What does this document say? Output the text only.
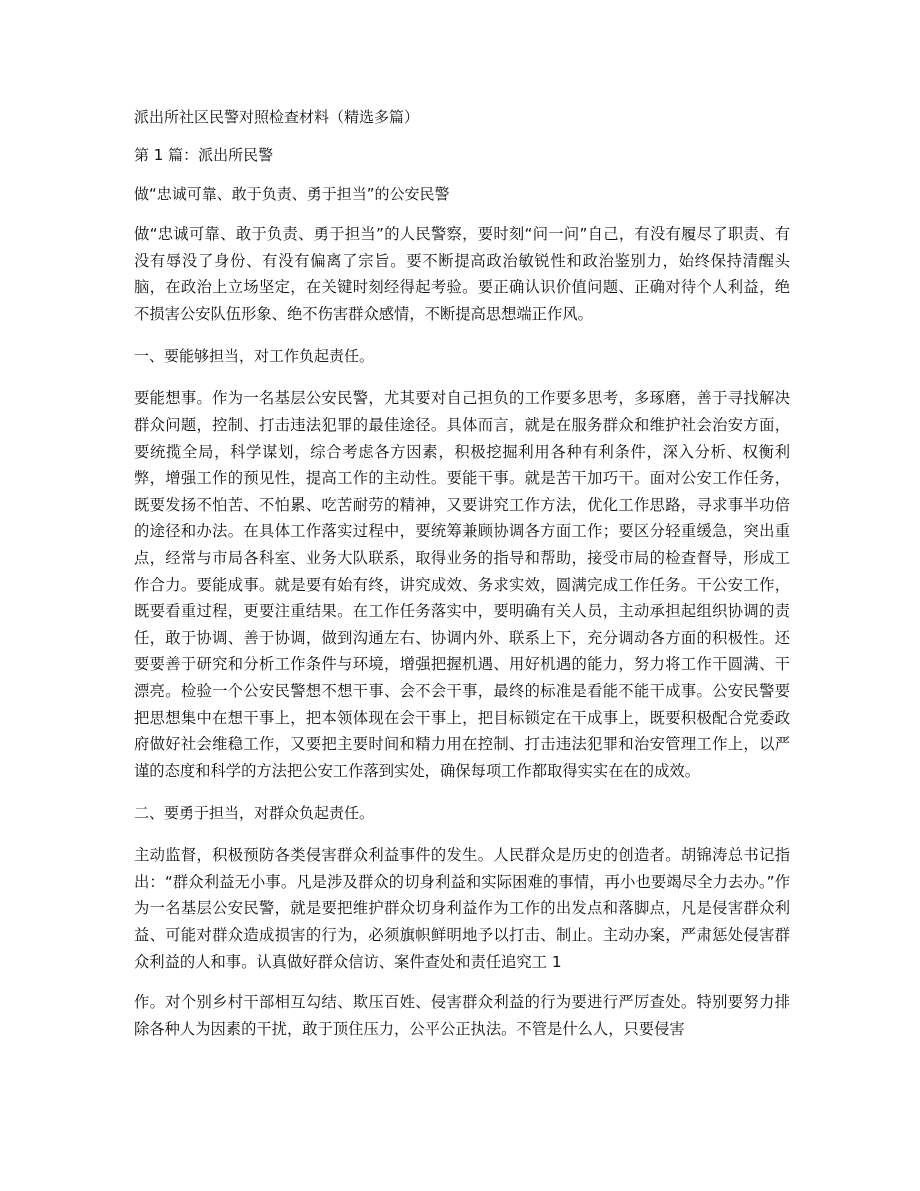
派出所社区民警对照检查材料（精选多篇）
第 1 篇：派出所民警
做“忠诚可靠、敢于负责、勇于担当”的公安民警

做“忠诚可靠、敢于负责、勇于担当”的人民警察，要时刻“问一问”自己，有没有履尽了职责、有没有辱没了身份、有没有偏离了宗旨。要不断提高政治敏锐性和政治鉴别力，始终保持清醒头脑，在政治上立场坚定，在关键时刻经得起考验。要正确认识价值问题、正确对待个人利益，绝不损害公安队伍形象、绝不伤害群众感情，不断提高思想端正作风。

一、要能够担当，对工作负起责任。

要能想事。作为一名基层公安民警，尤其要对自己担负的工作要多思考，多琢磨，善于寻找解决群众问题，控制、打击违法犯罪的最佳途径。具体而言，就是在服务群众和维护社会治安方面，要统揽全局，科学谋划，综合考虑各方因素，积极挖掘利用各种有利条件，深入分析、权衡利弊，增强工作的预见性，提高工作的主动性。要能干事。就是苦干加巧干。面对公安工作任务，既要发扬不怕苦、不怕累、吃苦耐劳的精神，又要讲究工作方法，优化工作思路，寻求事半功倍的途径和办法。在具体工作落实过程中，要统筹兼顾协调各方面工作；要区分轻重缓急，突出重点，经常与市局各科室、业务大队联系，取得业务的指导和帮助，接受市局的检查督导，形成工作合力。要能成事。就是要有始有终，讲究成效、务求实效，圆满完成工作任务。干公安工作，既要看重过程，更要注重结果。在工作任务落实中，要明确有关人员，主动承担起组织协调的责任，敢于协调、善于协调，做到沟通左右、协调内外、联系上下，充分调动各方面的积极性。还要要善于研究和分析工作条件与环境，增强把握机遇、用好机遇的能力，努力将工作干圆满、干漂亮。检验一个公安民警想不想干事、会不会干事，最终的标准是看能不能干成事。公安民警要把思想集中在想干事上，把本领体现在会干事上，把目标锁定在干成事上，既要积极配合党委政府做好社会维稳工作，又要把主要时间和精力用在控制、打击违法犯罪和治安管理工作上，以严谨的态度和科学的方法把公安工作落到实处，确保每项工作都取得实实在在的成效。

二、要勇于担当，对群众负起责任。

主动监督，积极预防各类侵害群众利益事件的发生。人民群众是历史的创造者。胡锦涛总书记指出：“群众利益无小事。凡是涉及群众的切身利益和实际困难的事情，再小也要竭尽全力去办。”作为一名基层公安民警，就是要把维护群众切身利益作为工作的出发点和落脚点，凡是侵害群众利益、可能对群众造成损害的行为，必须旗帜鲜明地予以打击、制止。主动办案，严肃惩处侵害群众利益的人和事。认真做好群众信访、案件查处和责任追究工 1

作。对个别乡村干部相互勾结、欺压百姓、侵害群众利益的行为要进行严厉查处。特别要努力排除各种人为因素的干扰，敢于顶住压力，公平公正执法。不管是什么人，只要侵害
